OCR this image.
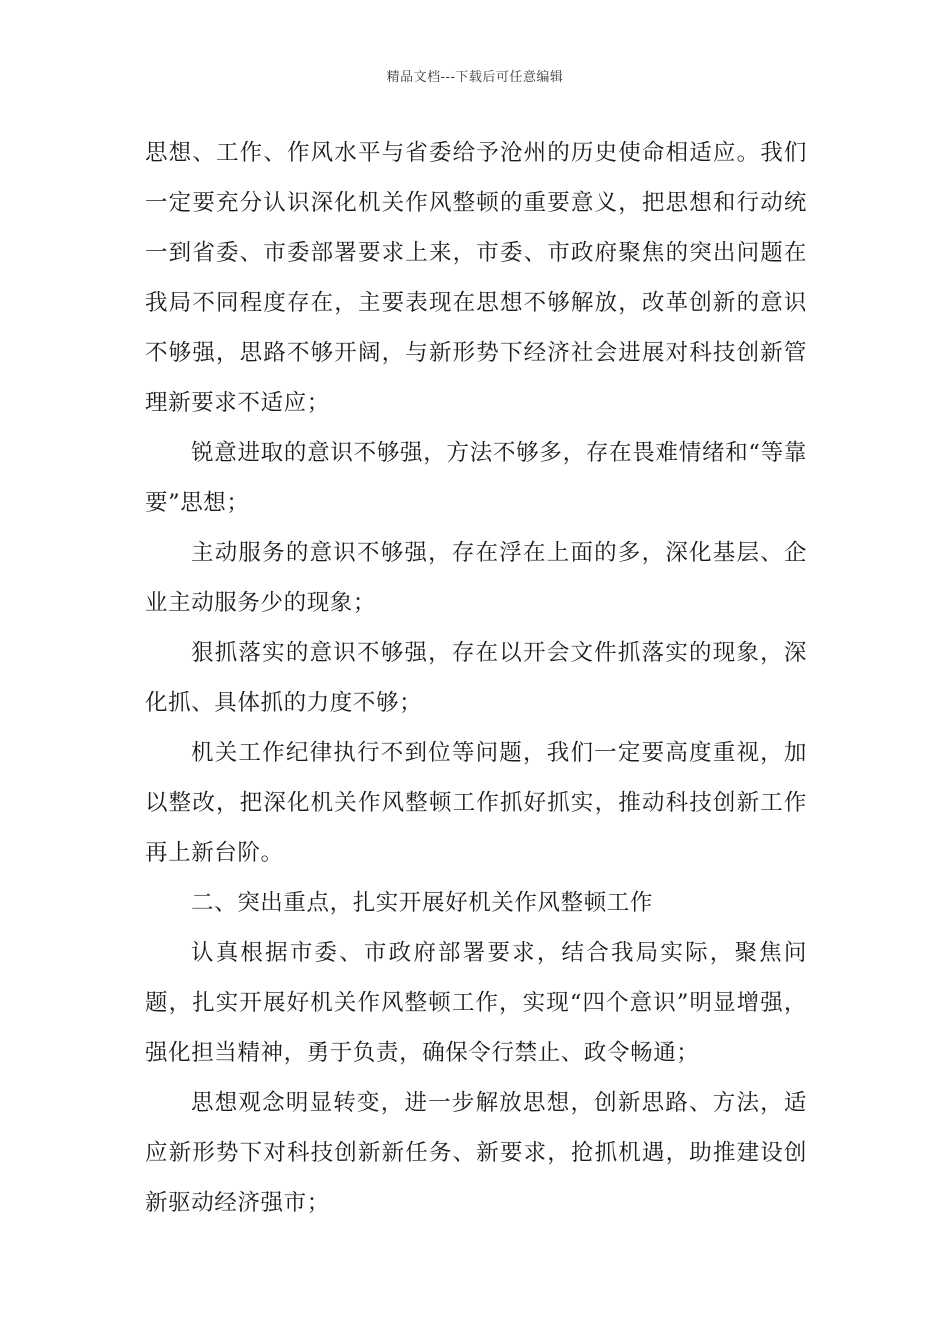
精品文档---下载后可任意编辑

思想、工作、作风水平与省委给予沧州的历史使命相适应。我们一定要充分认识深化机关作风整顿的重要意义，把思想和行动统一到省委、市委部署要求上来，市委、市政府聚焦的突出问题在我局不同程度存在，主要表现在思想不够解放，改革创新的意识不够强，思路不够开阔，与新形势下经济社会进展对科技创新管理新要求不适应；

锐意进取的意识不够强，方法不够多，存在畏难情绪和“等靠要”思想；

主动服务的意识不够强，存在浮在上面的多，深化基层、企业主动服务少的现象；

狠抓落实的意识不够强，存在以开会文件抓落实的现象，深化抓、具体抓的力度不够；

机关工作纪律执行不到位等问题，我们一定要高度重视，加以整改，把深化机关作风整顿工作抓好抓实，推动科技创新工作再上新台阶。

二、突出重点，扎实开展好机关作风整顿工作

认真根据市委、市政府部署要求，结合我局实际，聚焦问题，扎实开展好机关作风整顿工作，实现“四个意识”明显增强，强化担当精神，勇于负责，确保令行禁止、政令畅通；

思想观念明显转变，进一步解放思想，创新思路、方法，适应新形势下对科技创新新任务、新要求，抢抓机遇，助推建设创新驱动经济强市；
